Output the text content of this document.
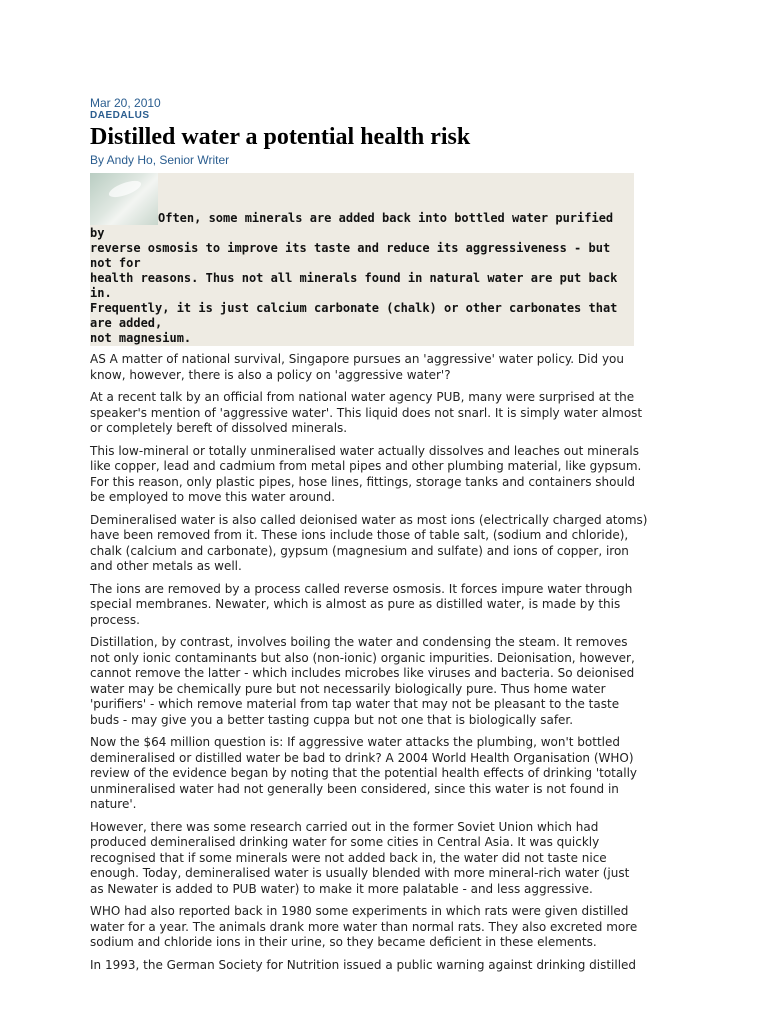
Mar 20, 2010
DAEDALUS
Distilled water a potential health risk
By Andy Ho, Senior Writer
Often, some minerals are added back into bottled water purified by
reverse osmosis to improve its taste and reduce its aggressiveness - but not for
health reasons. Thus not all minerals found in natural water are put back in.
Frequently, it is just calcium carbonate (chalk) or other carbonates that are added,
not magnesium.

AS A matter of national survival, Singapore pursues an 'aggressive' water policy. Did you
know, however, there is also a policy on 'aggressive water'?

At a recent talk by an official from national water agency PUB, many were surprised at the
speaker's mention of 'aggressive water'. This liquid does not snarl. It is simply water almost
or completely bereft of dissolved minerals.

This low-mineral or totally unmineralised water actually dissolves and leaches out minerals
like copper, lead and cadmium from metal pipes and other plumbing material, like gypsum.
For this reason, only plastic pipes, hose lines, fittings, storage tanks and containers should
be employed to move this water around.

Demineralised water is also called deionised water as most ions (electrically charged atoms)
have been removed from it. These ions include those of table salt, (sodium and chloride),
chalk (calcium and carbonate), gypsum (magnesium and sulfate) and ions of copper, iron
and other metals as well.

The ions are removed by a process called reverse osmosis. It forces impure water through
special membranes. Newater, which is almost as pure as distilled water, is made by this
process.

Distillation, by contrast, involves boiling the water and condensing the steam. It removes
not only ionic contaminants but also (non-ionic) organic impurities. Deionisation, however,
cannot remove the latter - which includes microbes like viruses and bacteria. So deionised
water may be chemically pure but not necessarily biologically pure. Thus home water
'purifiers' - which remove material from tap water that may not be pleasant to the taste
buds - may give you a better tasting cuppa but not one that is biologically safer.

Now the $64 million question is: If aggressive water attacks the plumbing, won't bottled
demineralised or distilled water be bad to drink? A 2004 World Health Organisation (WHO)
review of the evidence began by noting that the potential health effects of drinking 'totally
unmineralised water had not generally been considered, since this water is not found in
nature'.

However, there was some research carried out in the former Soviet Union which had
produced demineralised drinking water for some cities in Central Asia. It was quickly
recognised that if some minerals were not added back in, the water did not taste nice
enough. Today, demineralised water is usually blended with more mineral-rich water (just
as Newater is added to PUB water) to make it more palatable - and less aggressive.

WHO had also reported back in 1980 some experiments in which rats were given distilled
water for a year. The animals drank more water than normal rats. They also excreted more
sodium and chloride ions in their urine, so they became deficient in these elements.

In 1993, the German Society for Nutrition issued a public warning against drinking distilled
